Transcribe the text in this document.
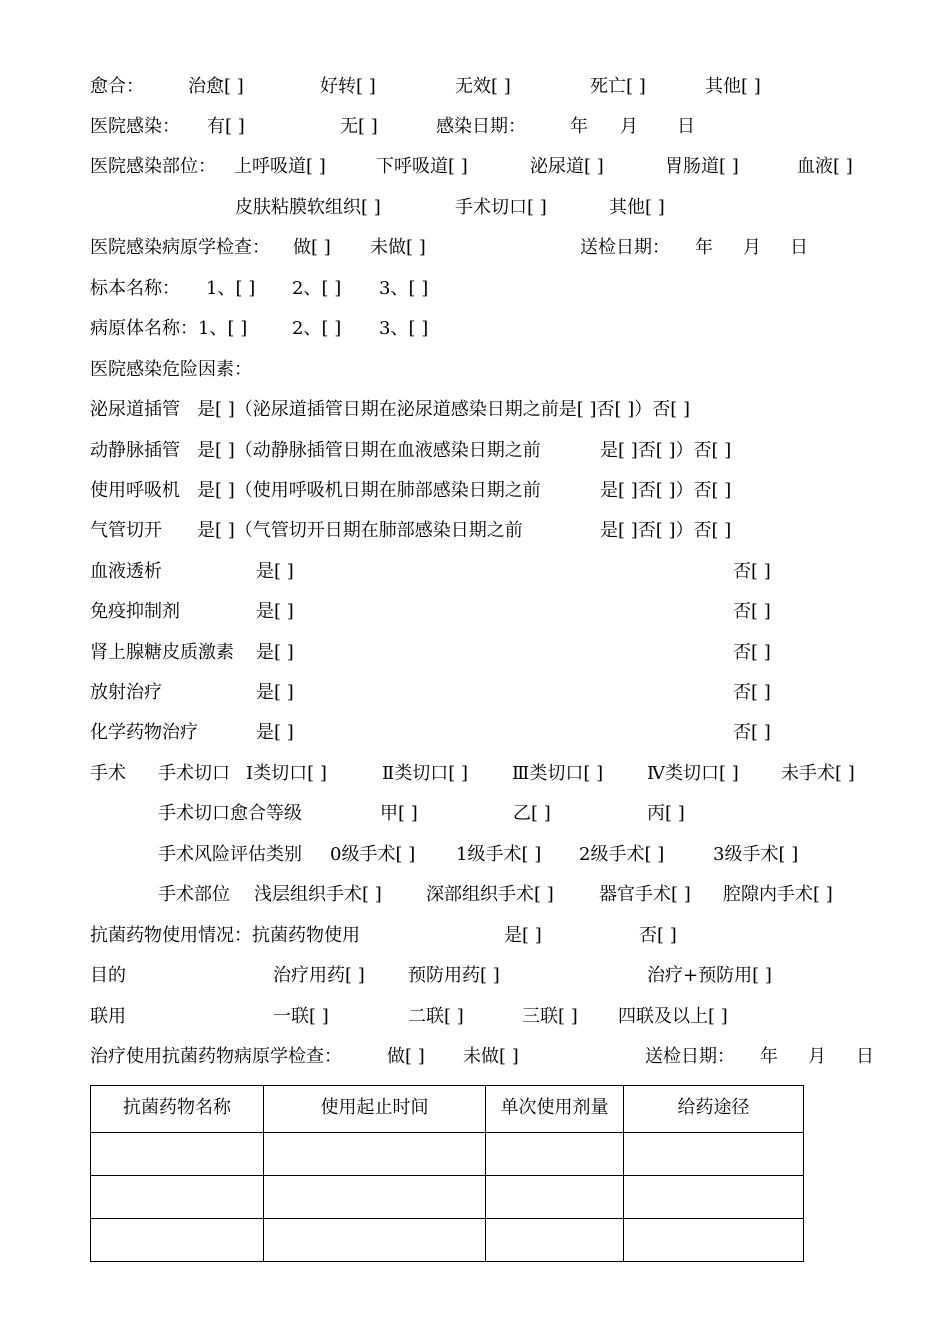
愈合： 治愈[ ]	好转[ ]	无效[ ]	死亡[ ]	其他[ ]
医院感染： 有[ ]	无[ ]	感染日期： 年 月 日
医院感染部位： 上呼吸道[ ]	下呼吸道[ ]	泌尿道[ ]	胃肠道[ ]	血液[ ]
皮肤粘膜软组织[ ]	手术切口[ ]	其他[ ]
医院感染病原学检查： 做[ ] 未做[ ]	送检日期： 年 月 日
标本名称： 1、[ ] 2、[ ] 3、[ ]
病原体名称：1、[ ] 2、[ ] 3、[ ]
医院感染危险因素：
泌尿道插管 是[ ]（泌尿道插管日期在泌尿道感染日期之前是[ ]否[ ]）否[ ]
动静脉插管 是[ ]（动静脉插管日期在血液感染日期之前	是[ ]否[ ]）否[ ]
使用呼吸机 是[ ]（使用呼吸机日期在肺部感染日期之前	是[ ]否[ ]）否[ ]
气管切开 是[ ]（气管切开日期在肺部感染日期之前	是[ ]否[ ]）否[ ]
血液透析	是[ ]	否[ ]
免疫抑制剂	是[ ]	否[ ]
肾上腺糖皮质激素 是[ ]	否[ ]
放射治疗	是[ ]	否[ ]
化学药物治疗	是[ ]	否[ ]
手术 手术切口 Ⅰ类切口[ ]	Ⅱ类切口[ ] Ⅲ类切口[ ] Ⅳ类切口[ ] 未手术[ ]
手术切口愈合等级	甲[ ]	乙[ ]	丙[ ]
手术风险评估类别 0级手术[ ] 1级手术[ ] 2级手术[ ]	3级手术[ ]
手术部位 浅层组织手术[ ] 深部组织手术[ ]	器官手术[ ] 腔隙内手术[ ]
抗菌药物使用情况：抗菌药物使用	是[ ]	否[ ]
目的	治疗用药[ ] 预防用药[ ]	治疗+预防用[ ]
联用	一联[ ]	二联[ ]	三联[ ] 四联及以上[ ]
治疗使用抗菌药物病原学检查：	做[ ] 未做[ ]	送检日期： 年 月 日
抗菌药物名称	使用起止时间	单次使用剂量	给药途径
